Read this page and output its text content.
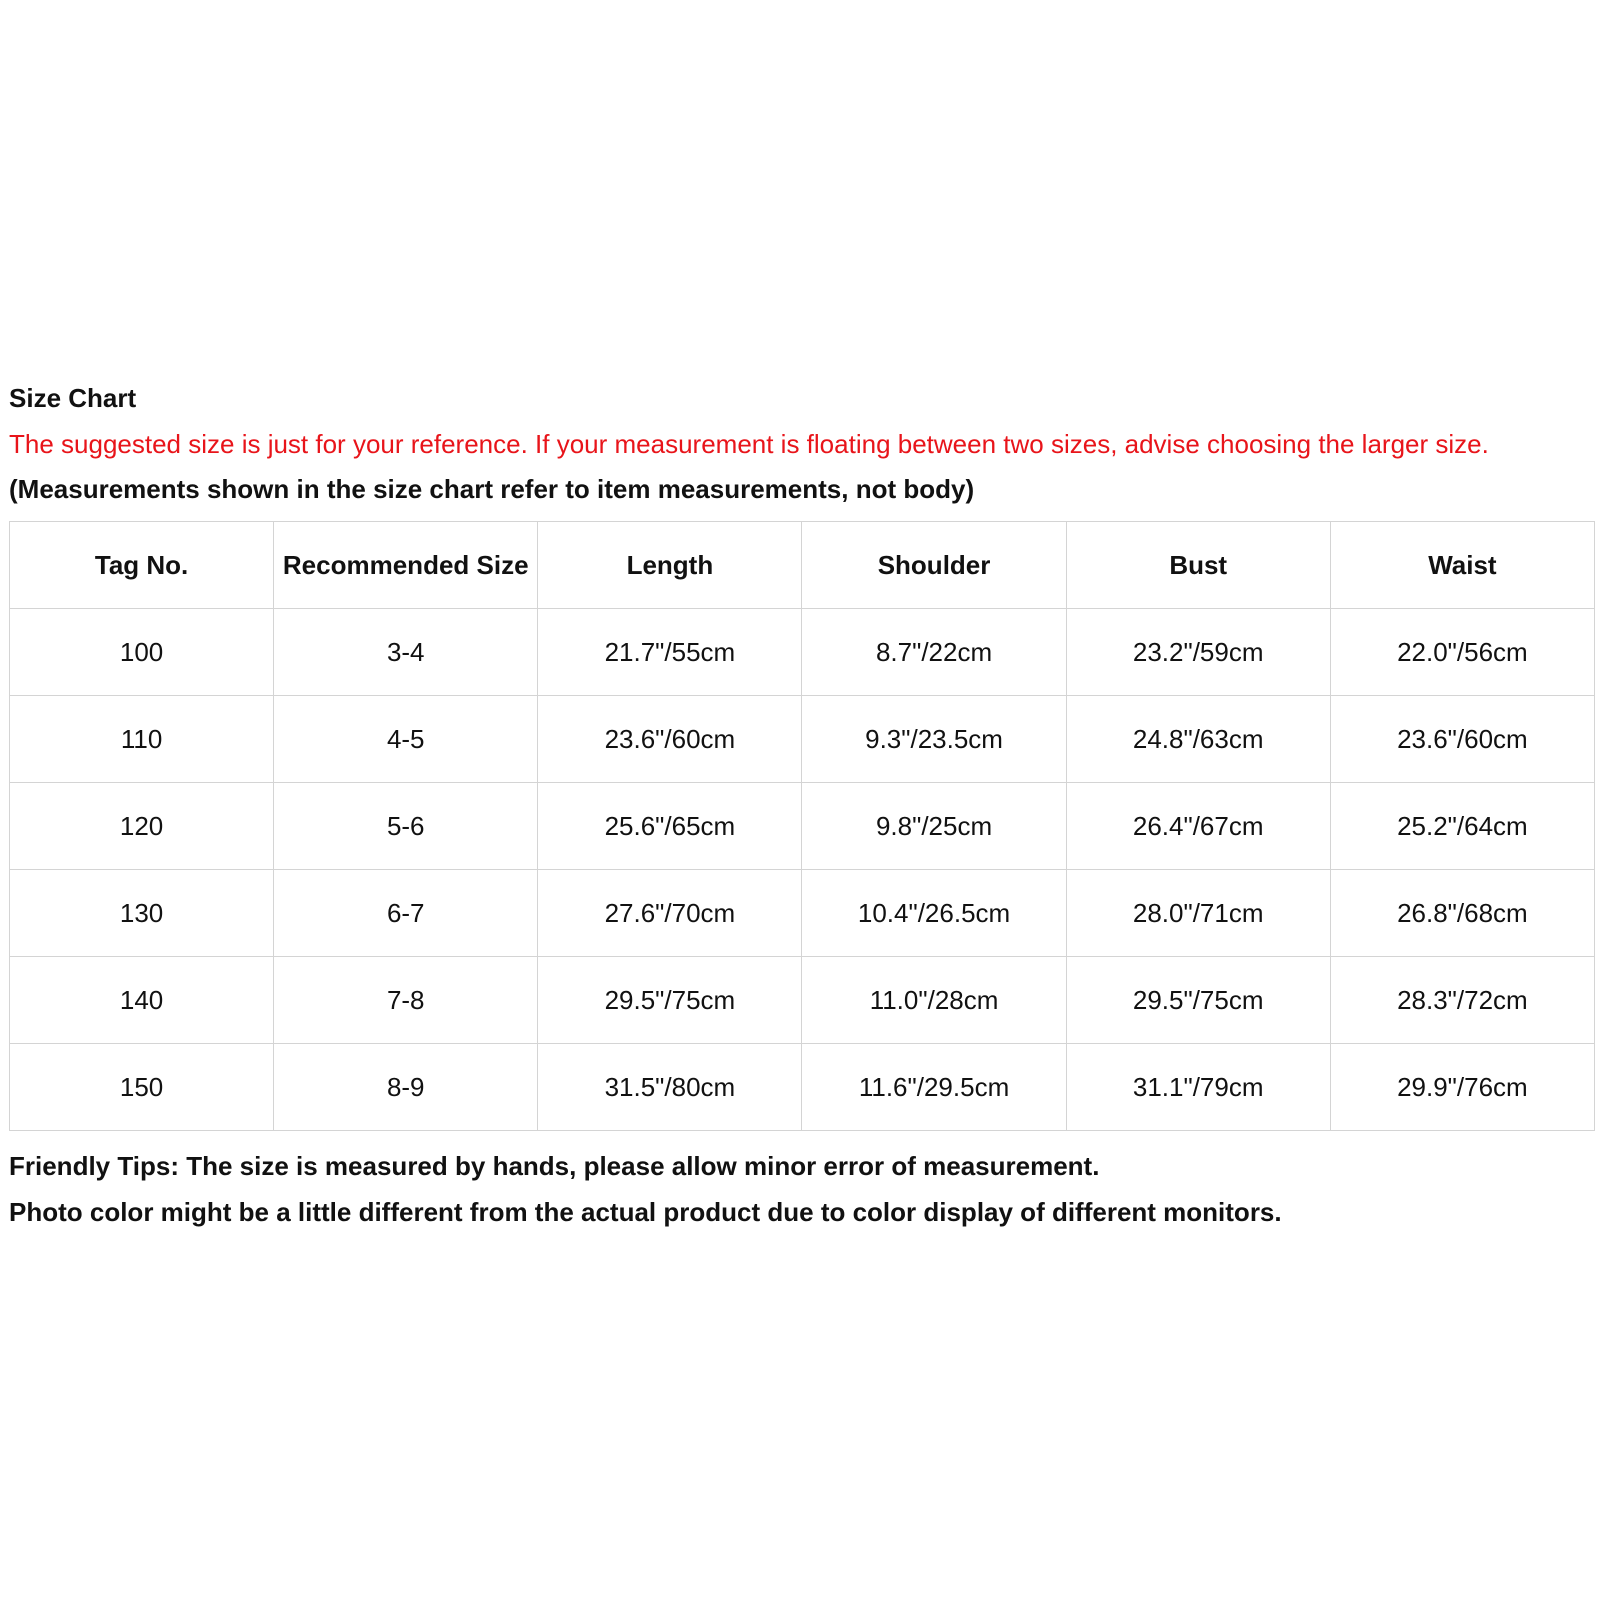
Size Chart
The suggested size is just for your reference. If your measurement is floating between two sizes, advise choosing the larger size.
(Measurements shown in the size chart refer to item measurements, not body)
Tag No.	Recommended Size	Length	Shoulder	Bust	Waist
100	3-4	21.7"/55cm	8.7"/22cm	23.2"/59cm	22.0"/56cm
110	4-5	23.6"/60cm	9.3"/23.5cm	24.8"/63cm	23.6"/60cm
120	5-6	25.6"/65cm	9.8"/25cm	26.4"/67cm	25.2"/64cm
130	6-7	27.6"/70cm	10.4"/26.5cm	28.0"/71cm	26.8"/68cm
140	7-8	29.5"/75cm	11.0"/28cm	29.5"/75cm	28.3"/72cm
150	8-9	31.5"/80cm	11.6"/29.5cm	31.1"/79cm	29.9"/76cm
Friendly Tips: The size is measured by hands, please allow minor error of measurement.
Photo color might be a little different from the actual product due to color display of different monitors.
